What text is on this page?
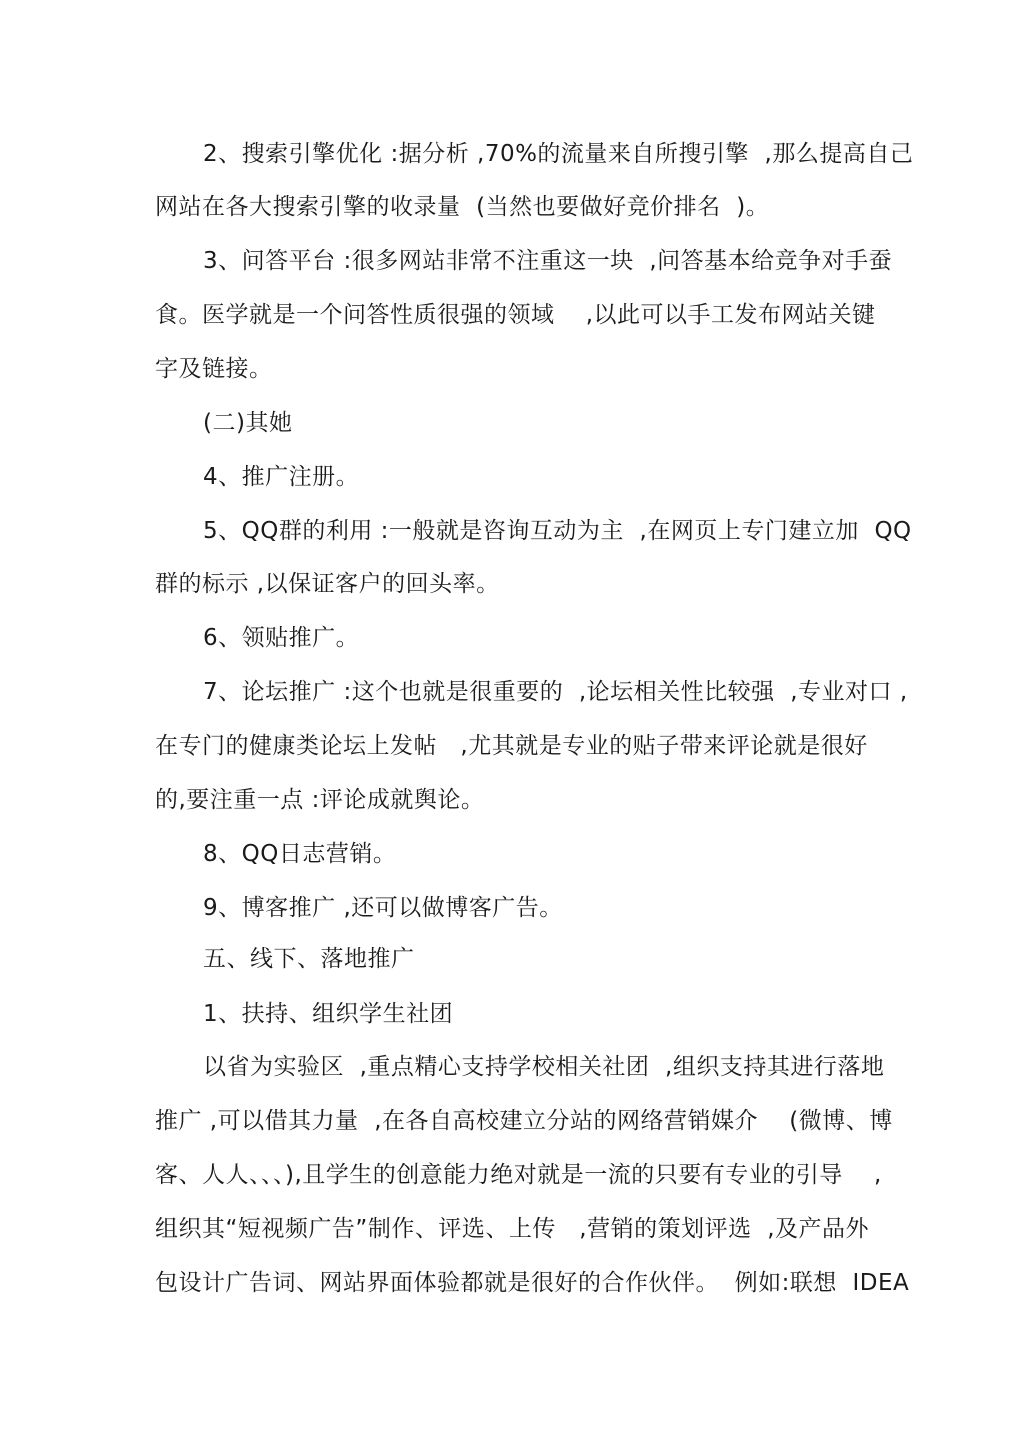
2、搜索引擎优化 :据分析 ,70%的流量来自所搜引擎  ,那么提高自己

网站在各大搜索引擎的收录量  (当然也要做好竞价排名  )。

3、问答平台 :很多网站非常不注重这一块  ,问答基本给竞争对手蚕

食。医学就是一个问答性质很强的领域    ,以此可以手工发布网站关键

字及链接。

(二)其她

4、推广注册。

5、QQ群的利用 :一般就是咨询互动为主  ,在网页上专门建立加  QQ

群的标示 ,以保证客户的回头率。

6、领贴推广。

7、论坛推广 :这个也就是很重要的  ,论坛相关性比较强  ,专业对口 ,

在专门的健康类论坛上发帖   ,尤其就是专业的贴子带来评论就是很好

的,要注重一点 :评论成就舆论。

8、QQ日志营销。

9、博客推广 ,还可以做博客广告。

五、线下、落地推广

1、扶持、组织学生社团

以省为实验区  ,重点精心支持学校相关社团  ,组织支持其进行落地

推广 ,可以借其力量  ,在各自高校建立分站的网络营销媒介    (微博、博

客、人人、、、),且学生的创意能力绝对就是一流的只要有专业的引导    ,

组织其“短视频广告”制作、评选、上传   ,营销的策划评选  ,及产品外

包设计广告词、网站界面体验都就是很好的合作伙伴。  例如:联想  IDEA
